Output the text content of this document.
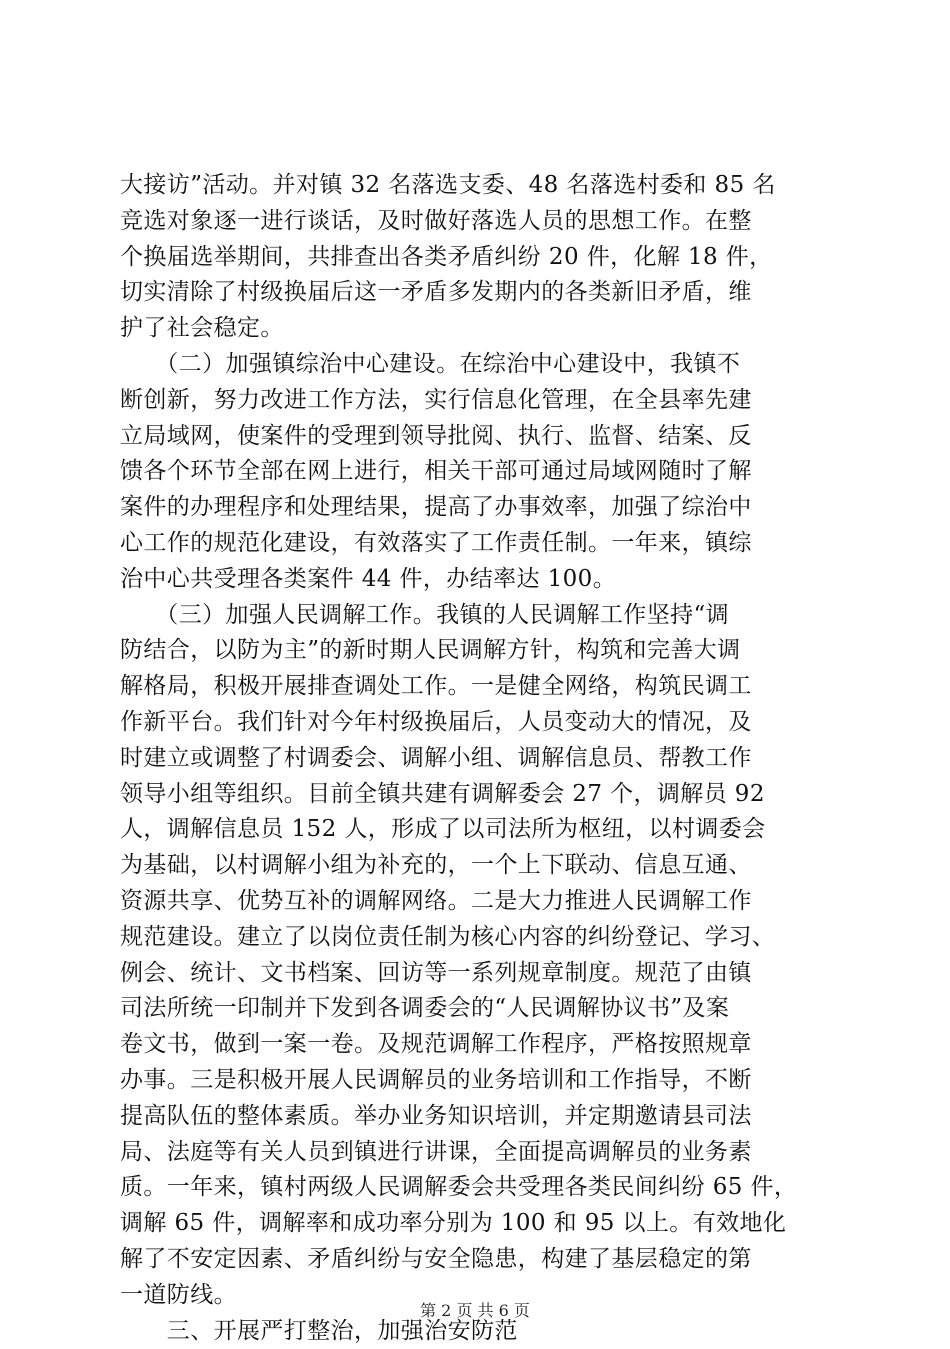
大接访”活动。并对镇 32 名落选支委、48 名落选村委和 85 名
竞选对象逐一进行谈话，及时做好落选人员的思想工作。在整
个换届选举期间，共排查出各类矛盾纠纷 20 件，化解 18 件，
切实清除了村级换届后这一矛盾多发期内的各类新旧矛盾，维
护了社会稳定。
　　（二）加强镇综治中心建设。在综治中心建设中，我镇不
断创新，努力改进工作方法，实行信息化管理，在全县率先建
立局域网，使案件的受理到领导批阅、执行、监督、结案、反
馈各个环节全部在网上进行，相关干部可通过局域网随时了解
案件的办理程序和处理结果，提高了办事效率，加强了综治中
心工作的规范化建设，有效落实了工作责任制。一年来，镇综
治中心共受理各类案件 44 件，办结率达 100。
　　（三）加强人民调解工作。我镇的人民调解工作坚持“调
防结合，以防为主”的新时期人民调解方针，构筑和完善大调
解格局，积极开展排查调处工作。一是健全网络，构筑民调工
作新平台。我们针对今年村级换届后，人员变动大的情况，及
时建立或调整了村调委会、调解小组、调解信息员、帮教工作
领导小组等组织。目前全镇共建有调解委会 27 个，调解员 92
人，调解信息员 152 人，形成了以司法所为枢纽，以村调委会
为基础，以村调解小组为补充的，一个上下联动、信息互通、
资源共享、优势互补的调解网络。二是大力推进人民调解工作
规范建设。建立了以岗位责任制为核心内容的纠纷登记、学习、
例会、统计、文书档案、回访等一系列规章制度。规范了由镇
司法所统一印制并下发到各调委会的“人民调解协议书”及案
卷文书，做到一案一卷。及规范调解工作程序，严格按照规章
办事。三是积极开展人民调解员的业务培训和工作指导，不断
提高队伍的整体素质。举办业务知识培训，并定期邀请县司法
局、法庭等有关人员到镇进行讲课，全面提高调解员的业务素
质。一年来，镇村两级人民调解委会共受理各类民间纠纷 65 件，
调解 65 件，调解率和成功率分别为 100 和 95 以上。有效地化
解了不安定因素、矛盾纠纷与安全隐患，构建了基层稳定的第
一道防线。
　　三、开展严打整治，加强治安防范
第 2 页 共 6 页
